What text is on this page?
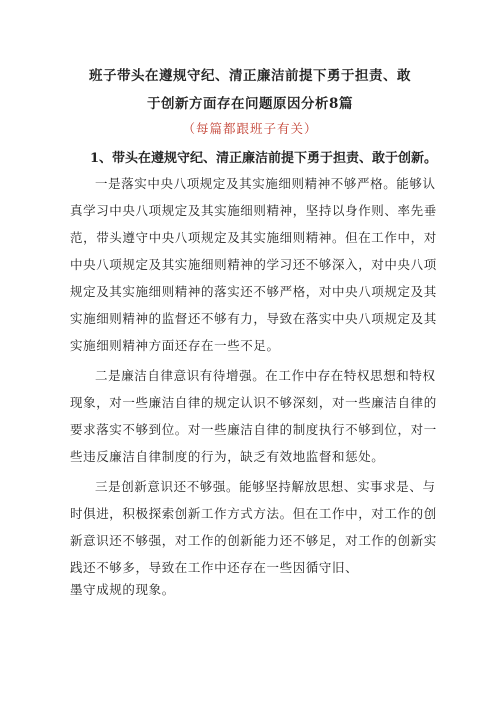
班子带头在遵规守纪、清正廉洁前提下勇于担责、敢
于创新方面存在问题原因分析8篇
（每篇都跟班子有关）
1、带头在遵规守纪、清正廉洁前提下勇于担责、敢于创新。
一是落实中央八项规定及其实施细则精神不够严格。能够认
真学习中央八项规定及其实施细则精神，坚持以身作则、率先垂
范，带头遵守中央八项规定及其实施细则精神。但在工作中，对
中央八项规定及其实施细则精神的学习还不够深入，对中央八项
规定及其实施细则精神的落实还不够严格，对中央八项规定及其
实施细则精神的监督还不够有力，导致在落实中央八项规定及其
实施细则精神方面还存在一些不足。
二是廉洁自律意识有待增强。在工作中存在特权思想和特权
现象，对一些廉洁自律的规定认识不够深刻，对一些廉洁自律的
要求落实不够到位。对一些廉洁自律的制度执行不够到位，对一
些违反廉洁自律制度的行为，缺乏有效地监督和惩处。
三是创新意识还不够强。能够坚持解放思想、实事求是、与
时俱进，积极探索创新工作方式方法。但在工作中，对工作的创
新意识还不够强，对工作的创新能力还不够足，对工作的创新实
践还不够多，导致在工作中还存在一些因循守旧、
墨守成规的现象。
